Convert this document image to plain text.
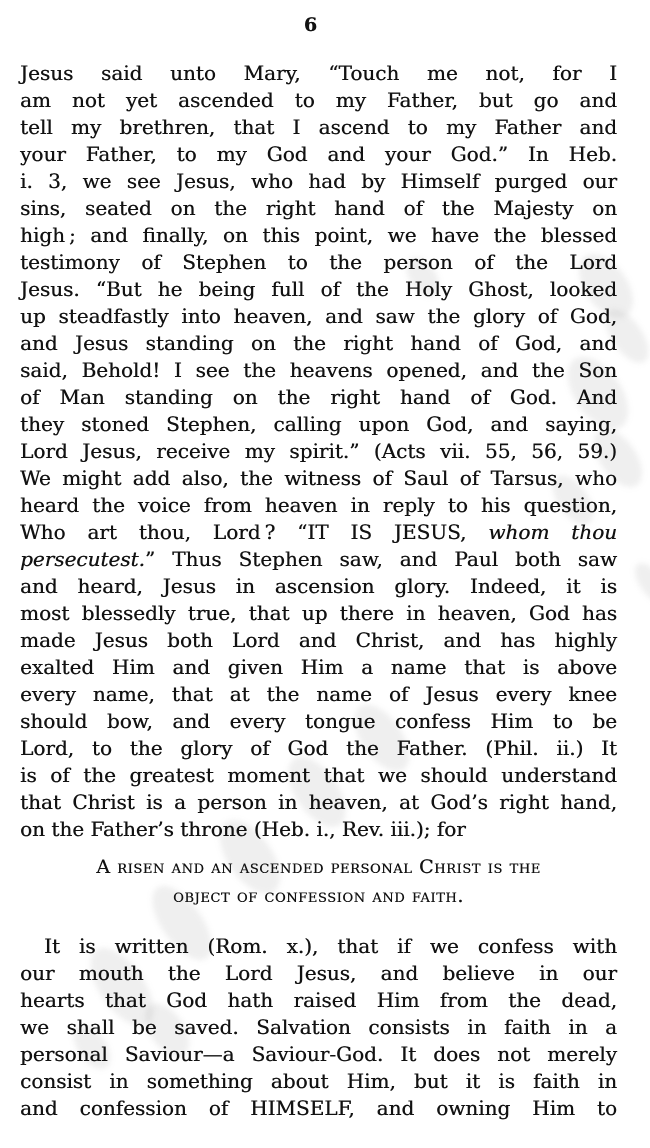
6
Jesus said unto Mary, “Touch me not, for I
am not yet ascended to my Father, but go and
tell my brethren, that I ascend to my Father and
your Father, to my God and your God.” In Heb.
i. 3, we see Jesus, who had by Himself purged our
sins, seated on the right hand of the Majesty on
high ; and finally, on this point, we have the blessed
testimony of Stephen to the person of the Lord
Jesus. “But he being full of the Holy Ghost, looked
up steadfastly into heaven, and saw the glory of God,
and Jesus standing on the right hand of God, and
said, Behold! I see the heavens opened, and the Son
of Man standing on the right hand of God. And
they stoned Stephen, calling upon God, and saying,
Lord Jesus, receive my spirit.” (Acts vii. 55, 56, 59.)
We might add also, the witness of Saul of Tarsus, who
heard the voice from heaven in reply to his question,
Who art thou, Lord ? “IT IS JESUS, whom thou
persecutest.” Thus Stephen saw, and Paul both saw
and heard, Jesus in ascension glory. Indeed, it is
most blessedly true, that up there in heaven, God has
made Jesus both Lord and Christ, and has highly
exalted Him and given Him a name that is above
every name, that at the name of Jesus every knee
should bow, and every tongue confess Him to be
Lord, to the glory of God the Father. (Phil. ii.) It
is of the greatest moment that we should understand
that Christ is a person in heaven, at God’s right hand,
on the Father’s throne (Heb. i., Rev. iii.); for
A risen and an ascended personal Christ is the
object of confession and faith.
It is written (Rom. x.), that if we confess with
our mouth the Lord Jesus, and believe in our
hearts that God hath raised Him from the dead,
we shall be saved. Salvation consists in faith in a
personal Saviour—a Saviour-God. It does not merely
consist in something about Him, but it is faith in
and confession of HIMSELF, and owning Him to
